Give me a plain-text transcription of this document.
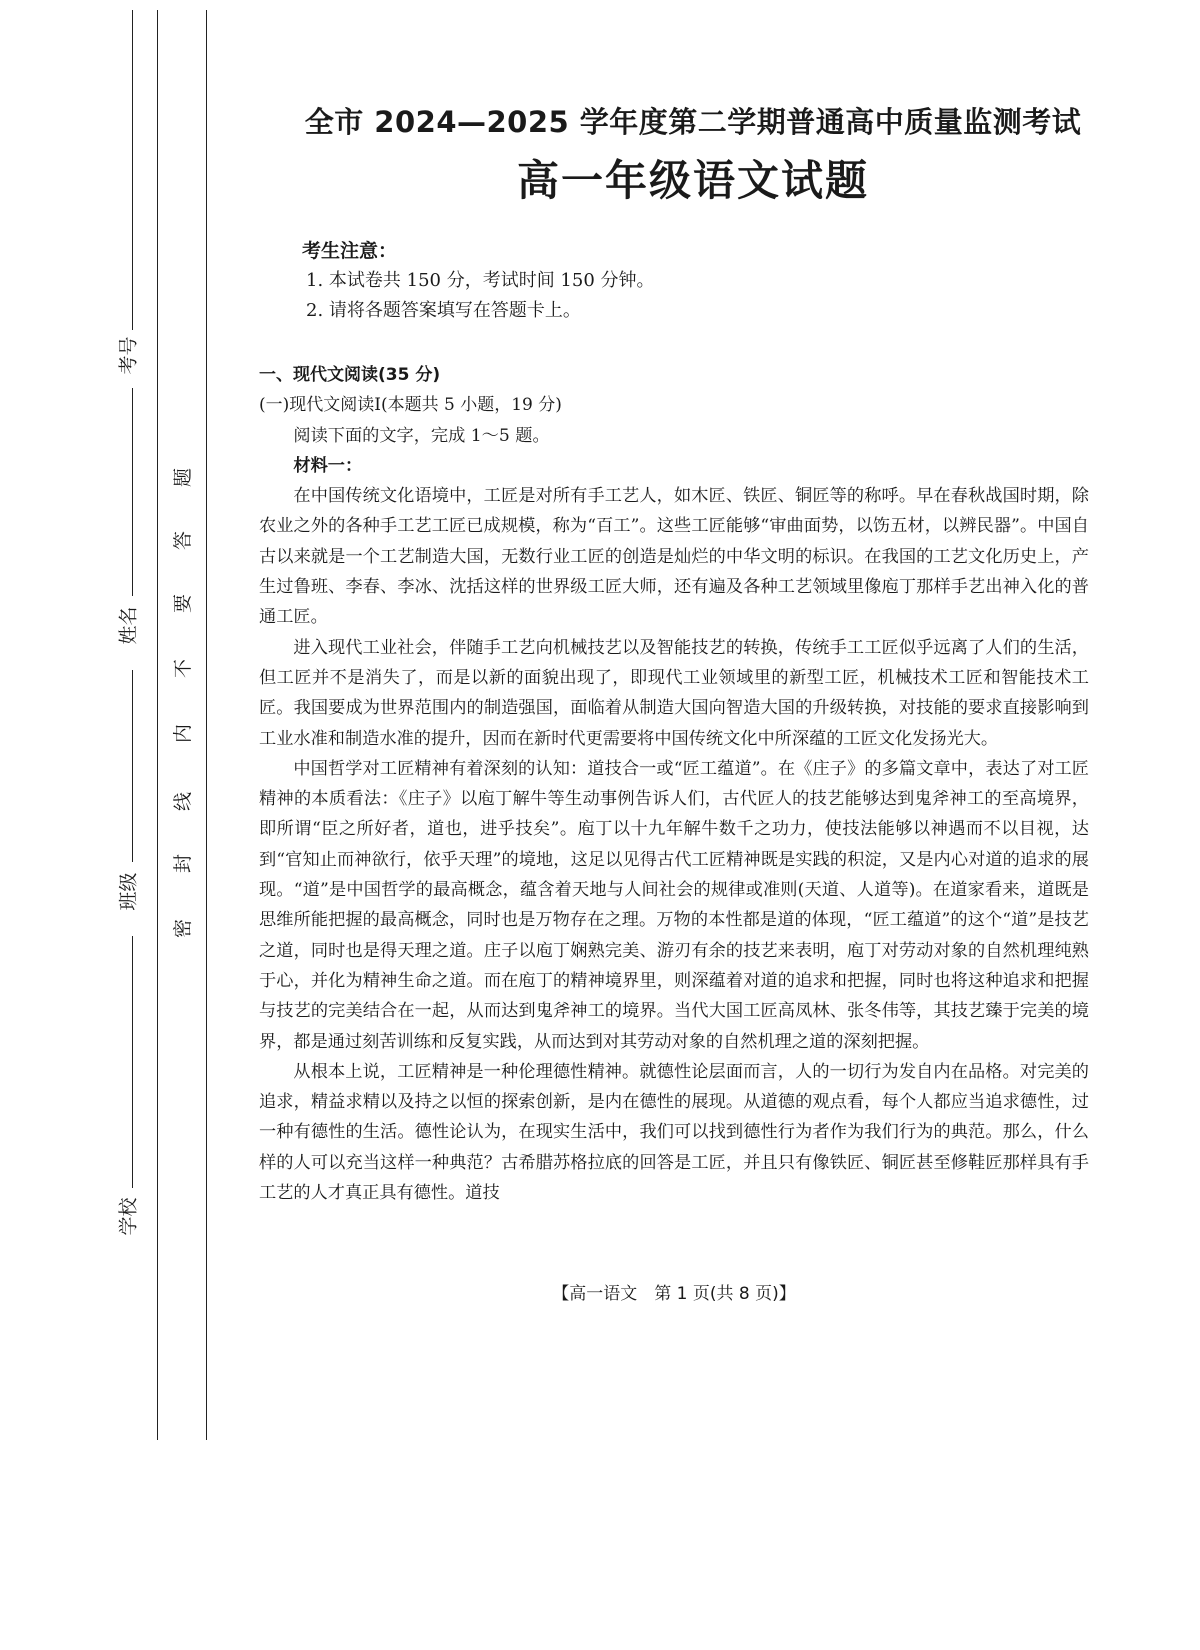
考号
姓名
班级
学校
题
答
要
不
内
线
封
密
全市 2024—2025 学年度第二学期普通高中质量监测考试
高一年级语文试题
考生注意：
1. 本试卷共 150 分，考试时间 150 分钟。
2. 请将各题答案填写在答题卡上。

一、现代文阅读(35 分)

(一)现代文阅读Ⅰ(本题共 5 小题，19 分)

阅读下面的文字，完成 1～5 题。

材料一：

在中国传统文化语境中，工匠是对所有手工艺人，如木匠、铁匠、铜匠等的称呼。早在春秋战国时期，除农业之外的各种手工艺工匠已成规模，称为“百工”。这些工匠能够“审曲面势，以饬五材，以辨民器”。中国自古以来就是一个工艺制造大国，无数行业工匠的创造是灿烂的中华文明的标识。在我国的工艺文化历史上，产生过鲁班、李春、李冰、沈括这样的世界级工匠大师，还有遍及各种工艺领域里像庖丁那样手艺出神入化的普通工匠。

进入现代工业社会，伴随手工艺向机械技艺以及智能技艺的转换，传统手工工匠似乎远离了人们的生活，但工匠并不是消失了，而是以新的面貌出现了，即现代工业领域里的新型工匠，机械技术工匠和智能技术工匠。我国要成为世界范围内的制造强国，面临着从制造大国向智造大国的升级转换，对技能的要求直接影响到工业水准和制造水准的提升，因而在新时代更需要将中国传统文化中所深蕴的工匠文化发扬光大。

中国哲学对工匠精神有着深刻的认知：道技合一或“匠工蕴道”。在《庄子》的多篇文章中，表达了对工匠精神的本质看法：《庄子》以庖丁解牛等生动事例告诉人们，古代匠人的技艺能够达到鬼斧神工的至高境界，即所谓“臣之所好者，道也，进乎技矣”。庖丁以十九年解牛数千之功力，使技法能够以神遇而不以目视，达到“官知止而神欲行，依乎天理”的境地，这足以见得古代工匠精神既是实践的积淀，又是内心对道的追求的展现。“道”是中国哲学的最高概念，蕴含着天地与人间社会的规律或准则(天道、人道等)。在道家看来，道既是思维所能把握的最高概念，同时也是万物存在之理。万物的本性都是道的体现，“匠工蕴道”的这个“道”是技艺之道，同时也是得天理之道。庄子以庖丁娴熟完美、游刃有余的技艺来表明，庖丁对劳动对象的自然机理纯熟于心，并化为精神生命之道。而在庖丁的精神境界里，则深蕴着对道的追求和把握，同时也将这种追求和把握与技艺的完美结合在一起，从而达到鬼斧神工的境界。当代大国工匠高凤林、张冬伟等，其技艺臻于完美的境界，都是通过刻苦训练和反复实践，从而达到对其劳动对象的自然机理之道的深刻把握。

从根本上说，工匠精神是一种伦理德性精神。就德性论层面而言，人的一切行为发自内在品格。对完美的追求，精益求精以及持之以恒的探索创新，是内在德性的展现。从道德的观点看，每个人都应当追求德性，过一种有德性的生活。德性论认为，在现实生活中，我们可以找到德性行为者作为我们行为的典范。那么，什么样的人可以充当这样一种典范？古希腊苏格拉底的回答是工匠，并且只有像铁匠、铜匠甚至修鞋匠那样具有手工艺的人才真正具有德性。道技

【高一语文　第 1 页(共 8 页)】
